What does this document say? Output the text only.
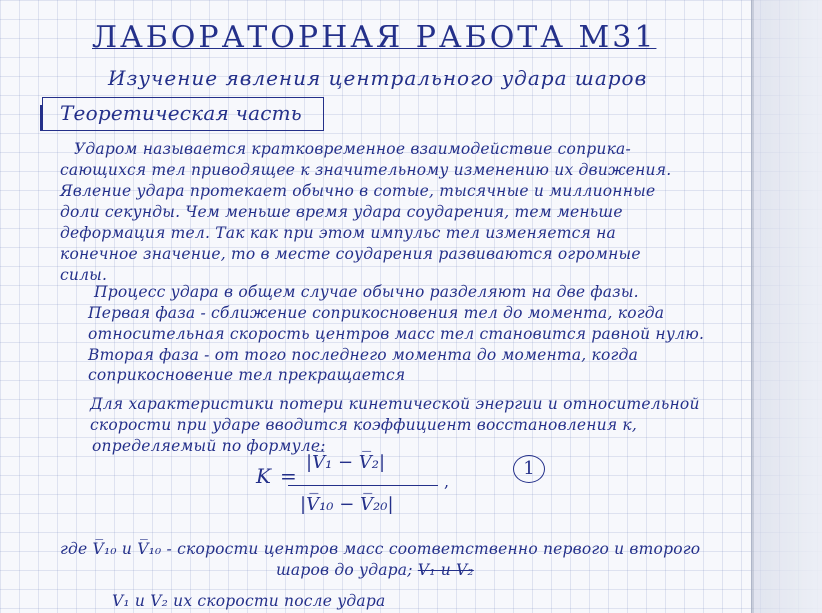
ЛАБОРАТОРНАЯ РАБОТА М31
Изучение явления центрального удара шаров
Теоретическая часть
Ударом называется кратковременное взаимодействие соприка-
сающихся тел приводящее к значительному изменению их движения.
Явление удара протекает обычно в сотые, тысячные и миллионные
доли секунды. Чем меньше время удара соударения, тем меньше
деформация тел. Так как при этом импульс тел изменяется на
конечное значение, то в месте соударения развиваются огромные
силы.
Процесс удара в общем случае обычно разделяют на две фазы.
Первая фаза - сближение соприкосновения тел до момента, когда
относительная скорость центров масс тел становится равной нулю.
Вторая фаза - от того последнего момента до момента, когда
соприкосновение тел прекращается
Для характеристики потери кинетической энергии и относительной
скорости при ударе вводится коэффициент восстановления к,
определяемый по формуле:
K =
|V̅₁ − V̅₂|
|V̅₁₀ − V̅₂₀|
,
1
где V̅₁₀ и V̅₁₀ - скорости центров масс соответственно первого и второго
шаров до удара; V₁ и V₂
V₁ и V₂ их скорости после удара
